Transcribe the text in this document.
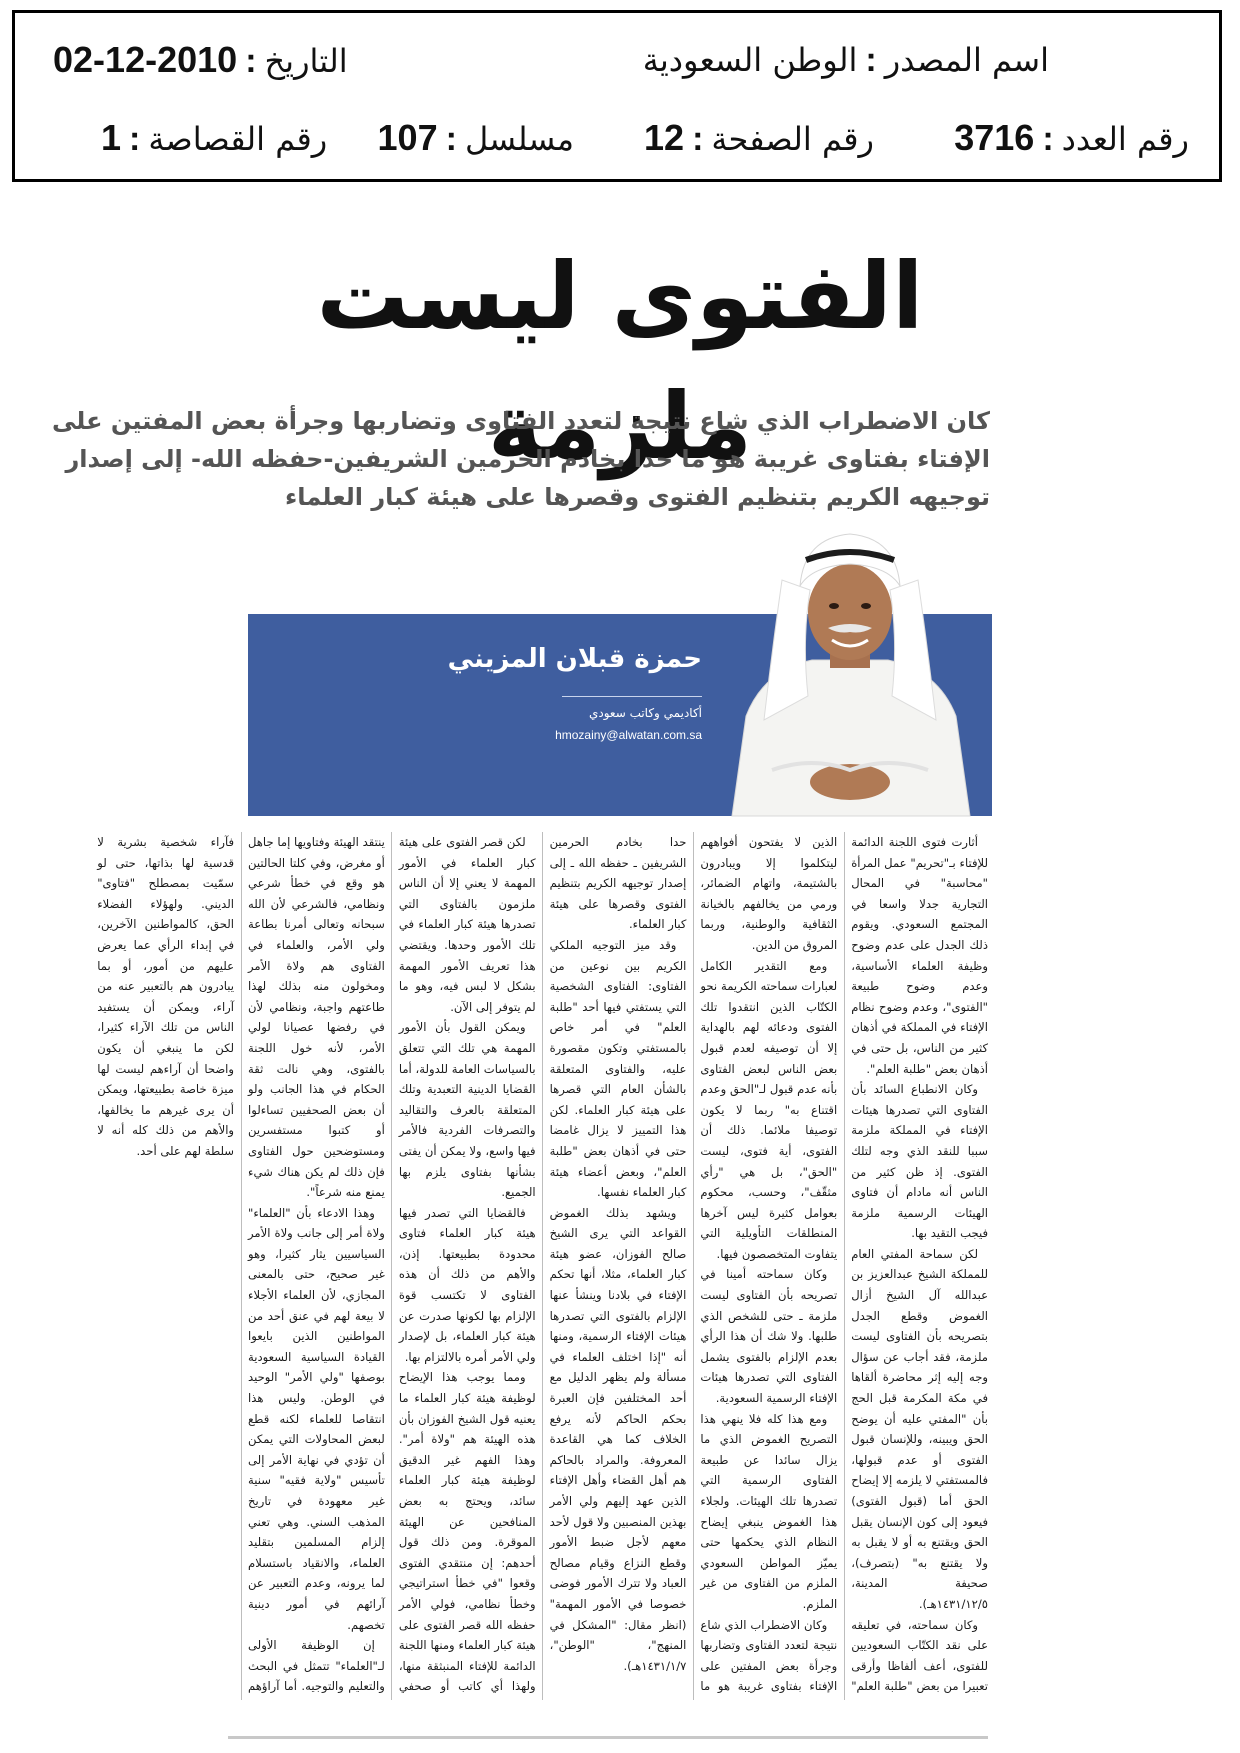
اسم المصدر:الوطن السعودية
التاريخ:2010-12-02
رقم العدد:3716
رقم الصفحة:12
مسلسل:107
رقم القصاصة:1
الفتوى ليست ملزمة
كان الاضطراب الذي شاع نتيجة لتعدد الفتاوى وتضاربها وجرأة بعض المفتين على
الإفتاء بفتاوى غريبة هو ما حدا بخادم الحرمين الشريفين-حفظه الله- إلى إصدار
توجيهه الكريم بتنظيم الفتوى وقصرها على هيئة كبار العلماء
حمزة قبلان المزيني
أكاديمي وكاتب سعودي
hmozainy@alwatan.com.sa

أثارت فتوى اللجنة الدائمة للإفتاء بـ"تحريم" عمل المرأة "محاسبة" في المحال التجارية جدلا واسعا في المجتمع السعودي. ويقوم ذلك الجدل على عدم وضوح وظيفة العلماء الأساسية، وعدم وضوح طبيعة "الفتوى"، وعدم وضوح نظام الإفتاء في المملكة في أذهان كثير من الناس، بل حتى في أذهان بعض "طلبة العلم".

وكان الانطباع السائد بأن الفتاوى التي تصدرها هيئات الإفتاء في المملكة ملزمة سببا للنقد الذي وجه لتلك الفتوى. إذ ظن كثير من الناس أنه مادام أن فتاوى الهيئات الرسمية ملزمة فيجب التقيد بها.

لكن سماحة المفتي العام للمملكة الشيخ عبدالعزيز بن عبدالله آل الشيخ أزال الغموض وقطع الجدل بتصريحه بأن الفتاوى ليست ملزمة، فقد أجاب عن سؤال وجه إليه إثر محاضرة ألقاها في مكة المكرمة قبل الحج بأن "المفتي عليه أن يوضح الحق ويبينه، وللإنسان قبول الفتوى أو عدم قبولها، فالمستفتي لا يلزمه إلا إيضاح الحق أما (قبول الفتوى) فيعود إلى كون الإنسان يقبل الحق ويقتنع به أو لا يقبل به ولا يقتنع به" (بتصرف)، صحيفة المدينة، ١٤٣١/١٢/٥هـ).

وكان سماحته، في تعليقه على نقد الكتّاب السعوديين للفتوى، أعف ألفاظا وأرقى تعبيرا من بعض "طلبة العلم" الذين لا يفتحون أفواههم ليتكلموا إلا ويبادرون بالشتيمة، واتهام الضمائر، ورمي من يخالفهم بالخيانة الثقافية والوطنية، وربما المروق من الدين.

ومع التقدير الكامل لعبارات سماحته الكريمة نحو الكتّاب الذين انتقدوا تلك الفتوى ودعائه لهم بالهداية إلا أن توصيفه لعدم قبول بعض الناس لبعض الفتاوى بأنه عدم قبول لـ"الحق وعدم اقتناع به" ربما لا يكون توصيفا ملائما. ذلك أن الفتوى، أية فتوى، ليست "الحق"، بل هي "رأي مثقّف"، وحسب، محكوم بعوامل كثيرة ليس آخرها المنطلقات التأويلية التي يتفاوت المتخصصون فيها.

وكان سماحته أمينا في تصريحه بأن الفتاوى ليست ملزمة ـ حتى للشخص الذي طلبها. ولا شك أن هذا الرأي بعدم الإلزام بالفتوى يشمل الفتاوى التي تصدرها هيئات الإفتاء الرسمية السعودية.

ومع هذا كله فلا ينهي هذا التصريح الغموض الذي ما يزال سائدا عن طبيعة الفتاوى الرسمية التي تصدرها تلك الهيئات. ولجلاء هذا الغموض ينبغي إيضاح النظام الذي يحكمها حتى يميّز المواطن السعودي الملزم من الفتاوى من غير الملزم.

وكان الاضطراب الذي شاع نتيجة لتعدد الفتاوى وتضاربها وجرأة بعض المفتين على الإفتاء بفتاوى غريبة هو ما حدا بخادم الحرمين الشريفين ـ حفظه الله ـ إلى إصدار توجيهه الكريم بتنظيم الفتوى وقصرها على هيئة كبار العلماء.

وقد ميز التوجيه الملكي الكريم بين نوعين من الفتاوى: الفتاوى الشخصية التي يستفتي فيها أحد "طلبة العلم" في أمر خاص بالمستفتي وتكون مقصورة عليه، والفتاوى المتعلقة بالشأن العام التي قصرها على هيئة كبار العلماء. لكن هذا التمييز لا يزال غامضا حتى في أذهان بعض "طلبة العلم"، وبعض أعضاء هيئة كبار العلماء نفسها.

ويشهد بذلك الغموض القواعد التي يرى الشيخ صالح الفوزان، عضو هيئة كبار العلماء، مثلا، أنها تحكم الإفتاء في بلادنا وينشأ عنها الإلزام بالفتوى التي تصدرها هيئات الإفتاء الرسمية، ومنها أنه "إذا اختلف العلماء في مسألة ولم يظهر الدليل مع أحد المختلفين فإن العبرة بحكم الحاكم لأنه يرفع الخلاف كما هي القاعدة المعروفة. والمراد بالحاكم هم أهل القضاء وأهل الإفتاء الذين عهد إليهم ولي الأمر بهذين المنصبين ولا قول لأحد معهم لأجل ضبط الأمور وقطع النزاع وقيام مصالح العباد ولا تترك الأمور فوضى خصوصا في الأمور المهمة" (انظر مقال: "المشكل في المنهج"، "الوطن"، ١٤٣١/١/٧هـ).

لكن قصر الفتوى على هيئة كبار العلماء في الأمور المهمة لا يعني إلا أن الناس ملزمون بالفتاوى التي تصدرها هيئة كبار العلماء في تلك الأمور وحدها. ويقتضي هذا تعريف الأمور المهمة بشكل لا لبس فيه، وهو ما لم يتوفر إلى الآن.

ويمكن القول بأن الأمور المهمة هي تلك التي تتعلق بالسياسات العامة للدولة، أما القضايا الدينية التعبدية وتلك المتعلقة بالعرف والتقاليد والتصرفات الفردية فالأمر فيها واسع، ولا يمكن أن يفتى بشأنها بفتاوى يلزم بها الجميع.

فالقضايا التي تصدر فيها هيئة كبار العلماء فتاوى محدودة بطبيعتها. إذن، والأهم من ذلك أن هذه الفتاوى لا تكتسب قوة الإلزام بها لكونها صدرت عن هيئة كبار العلماء، بل لإصدار ولي الأمر أمره بالالتزام بها.

ومما يوجب هذا الإيضاح لوظيفة هيئة كبار العلماء ما يعنيه قول الشيخ الفوزان بأن هذه الهيئة هم "ولاة أمر". وهذا الفهم غير الدقيق لوظيفة هيئة كبار العلماء سائد، ويحتج به بعض المنافحين عن الهيئة الموقرة. ومن ذلك قول أحدهم: إن منتقدي الفتوى وقعوا "في خطأ استراتيجي وخطأ نظامي، فولي الأمر حفظه الله قصر الفتوى على هيئة كبار العلماء ومنها اللجنة الدائمة للإفتاء المنبثقة منها، ولهذا أي كاتب أو صحفي ينتقد الهيئة وفتاويها إما جاهل أو مغرض، وفي كلتا الحالتين هو وقع في خطأ شرعي ونظامي، فالشرعي لأن الله سبحانه وتعالى أمرنا بطاعة ولي الأمر، والعلماء في الفتاوى هم ولاة الأمر ومخولون منه بذلك لهذا طاعتهم واجبة، ونظامي لأن في رفضها عصيانا لولي الأمر، لأنه خول اللجنة بالفتوى، وهي نالت ثقة الحكام في هذا الجانب ولو أن بعض الصحفيين تساءلوا أو كتبوا مستفسرين ومستوضحين حول الفتاوى فإن ذلك لم يكن هناك شيء يمنع منه شرعاً".

وهذا الادعاء بأن "العلماء" ولاة أمر إلى جانب ولاة الأمر السياسيين يثار كثيرا، وهو غير صحيح، حتى بالمعنى المجازي، لأن العلماء الأجلاء لا بيعة لهم في عنق أحد من المواطنين الذين بايعوا القيادة السياسية السعودية بوصفها "ولي الأمر" الوحيد في الوطن. وليس هذا انتقاصا للعلماء لكنه قطع لبعض المحاولات التي يمكن أن تؤدي في نهاية الأمر إلى تأسيس "ولاية فقيه" سنية غير معهودة في تاريخ المذهب السني. وهي تعني إلزام المسلمين بتقليد العلماء، والانقياد باستسلام لما يرونه، وعدم التعبير عن آرائهم في أمور دينية تخصهم.

إن الوظيفة الأولى لـ"العلماء" تتمثل في البحث والتعليم والتوجيه. أما آراؤهم فآراء شخصية بشرية لا قدسية لها بذاتها، حتى لو سمّيت بمصطلح "فتاوى" الديني. ولهؤلاء الفضلاء الحق، كالمواطنين الآخرين، في إبداء الرأي عما يعرض عليهم من أمور، أو بما يبادرون هم بالتعبير عنه من آراء، ويمكن أن يستفيد الناس من تلك الآراء كثيرا، لكن ما ينبغي أن يكون واضحا أن آراءهم ليست لها ميزة خاصة بطبيعتها، ويمكن أن يرى غيرهم ما يخالفها، والأهم من ذلك كله أنه لا سلطة لهم على أحد.
